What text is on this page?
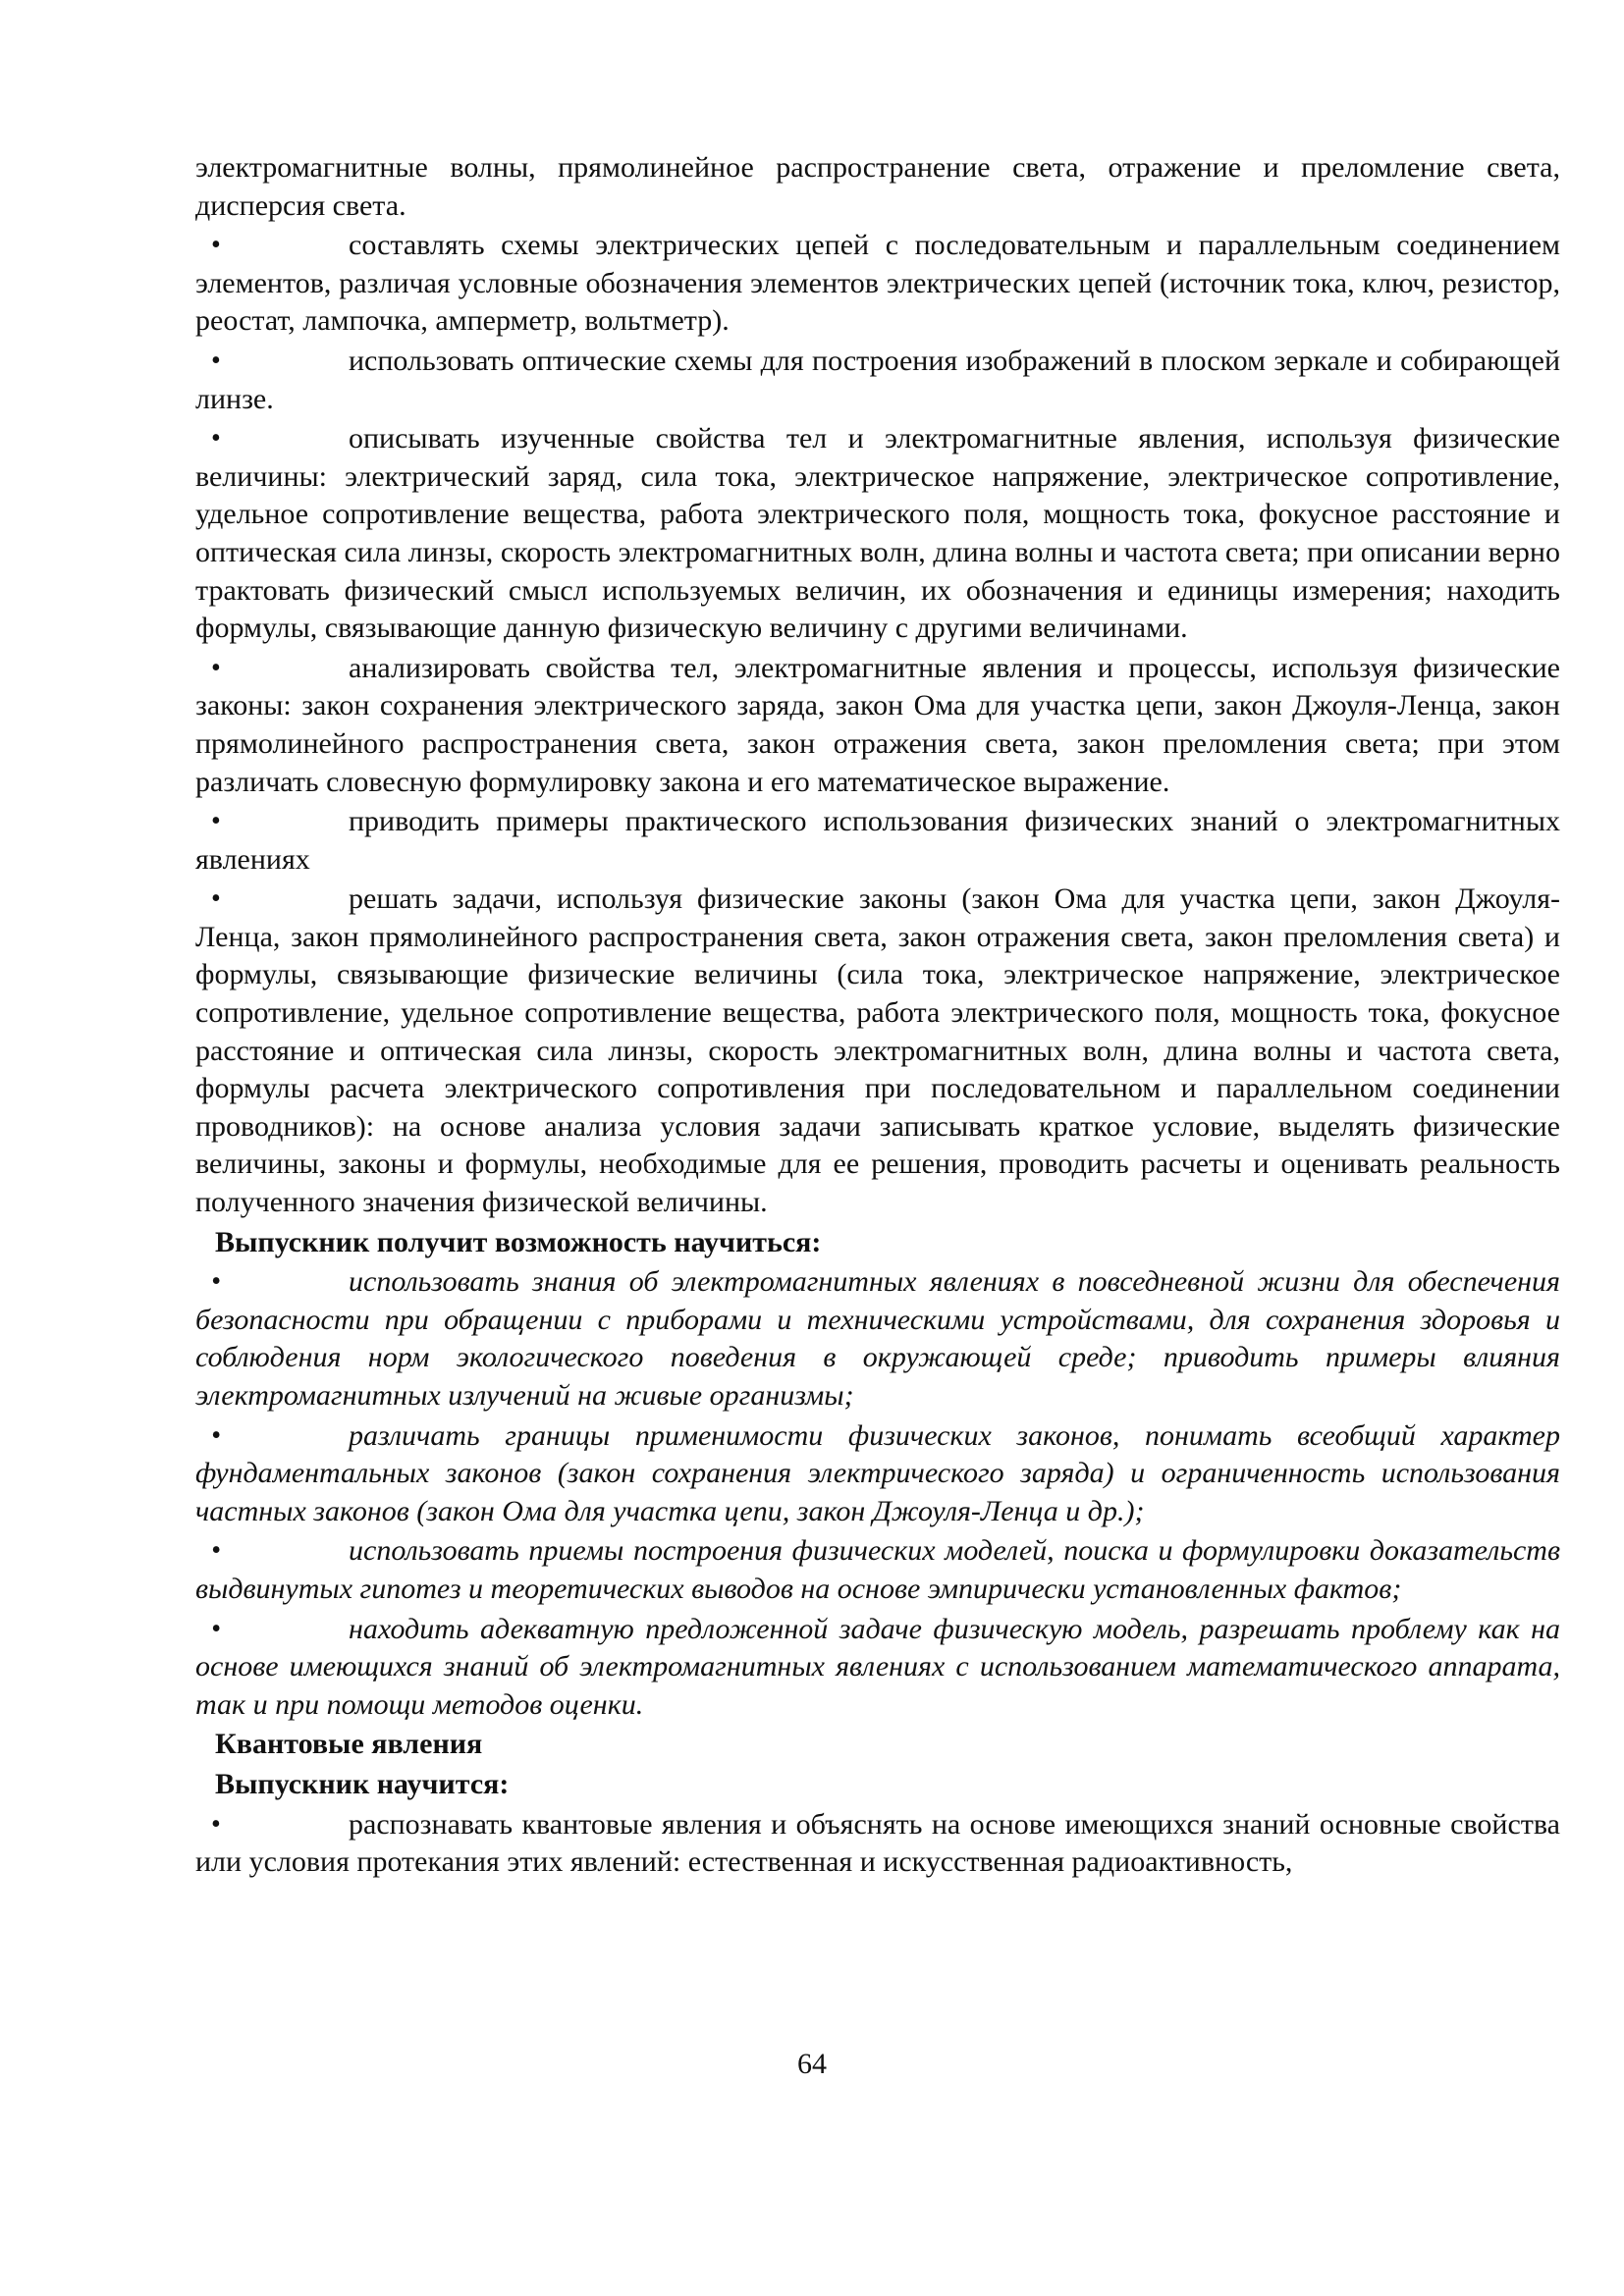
электромагнитные волны, прямолинейное распространение света, отражение и преломление света, дисперсия света.

•	составлять схемы электрических цепей с последовательным и параллельным соединением элементов, различая условные обозначения элементов электрических цепей (источник тока, ключ, резистор, реостат, лампочка, амперметр, вольтметр).

•	использовать оптические схемы для построения изображений в плоском зеркале и собирающей линзе.

•	описывать изученные свойства тел и электромагнитные явления, используя физические величины: электрический заряд, сила тока, электрическое напряжение, электрическое сопротивление, удельное сопротивление вещества, работа электрического поля, мощность тока, фокусное расстояние и оптическая сила линзы, скорость электромагнитных волн, длина волны и частота света; при описании верно трактовать физический смысл используемых величин, их обозначения и единицы измерения; находить формулы, связывающие данную физическую величину с другими величинами.

•	анализировать свойства тел, электромагнитные явления и процессы, используя физические законы: закон сохранения электрического заряда, закон Ома для участка цепи, закон Джоуля-Ленца, закон прямолинейного распространения света, закон отражения света, закон преломления света; при этом различать словесную формулировку закона и его математическое выражение.

•	приводить примеры практического использования физических знаний о электромагнитных явлениях

•	решать задачи, используя физические законы (закон Ома для участка цепи, закон Джоуля-Ленца, закон прямолинейного распространения света, закон отражения света, закон преломления света) и формулы, связывающие физические величины (сила тока, электрическое напряжение, электрическое сопротивление, удельное сопротивление вещества, работа электрического поля, мощность тока, фокусное расстояние и оптическая сила линзы, скорость электромагнитных волн, длина волны и частота света, формулы расчета электрического сопротивления при последовательном и параллельном соединении проводников): на основе анализа условия задачи записывать краткое условие, выделять физические величины, законы и формулы, необходимые для ее решения, проводить расчеты и оценивать реальность полученного значения физической величины.

Выпускник получит возможность научиться:

•	использовать знания об электромагнитных явлениях в повседневной жизни для обеспечения безопасности при обращении с приборами и техническими устройствами, для сохранения здоровья и соблюдения норм экологического поведения в окружающей среде; приводить примеры влияния электромагнитных излучений на живые организмы;

•	различать границы применимости физических законов, понимать всеобщий характер фундаментальных законов (закон сохранения электрического заряда) и ограниченность использования частных законов (закон Ома для участка цепи, закон Джоуля-Ленца и др.);

•	использовать приемы построения физических моделей, поиска и формулировки доказательств выдвинутых гипотез и теоретических выводов на основе эмпирически установленных фактов;

•	находить адекватную предложенной задаче физическую модель, разрешать проблему как на основе имеющихся знаний об электромагнитных явлениях с использованием математического аппарата, так и при помощи методов оценки.

Квантовые явления

Выпускник научится:

•	распознавать квантовые явления и объяснять на основе имеющихся знаний основные свойства или условия протекания этих явлений: естественная и искусственная радиоактивность,

64
